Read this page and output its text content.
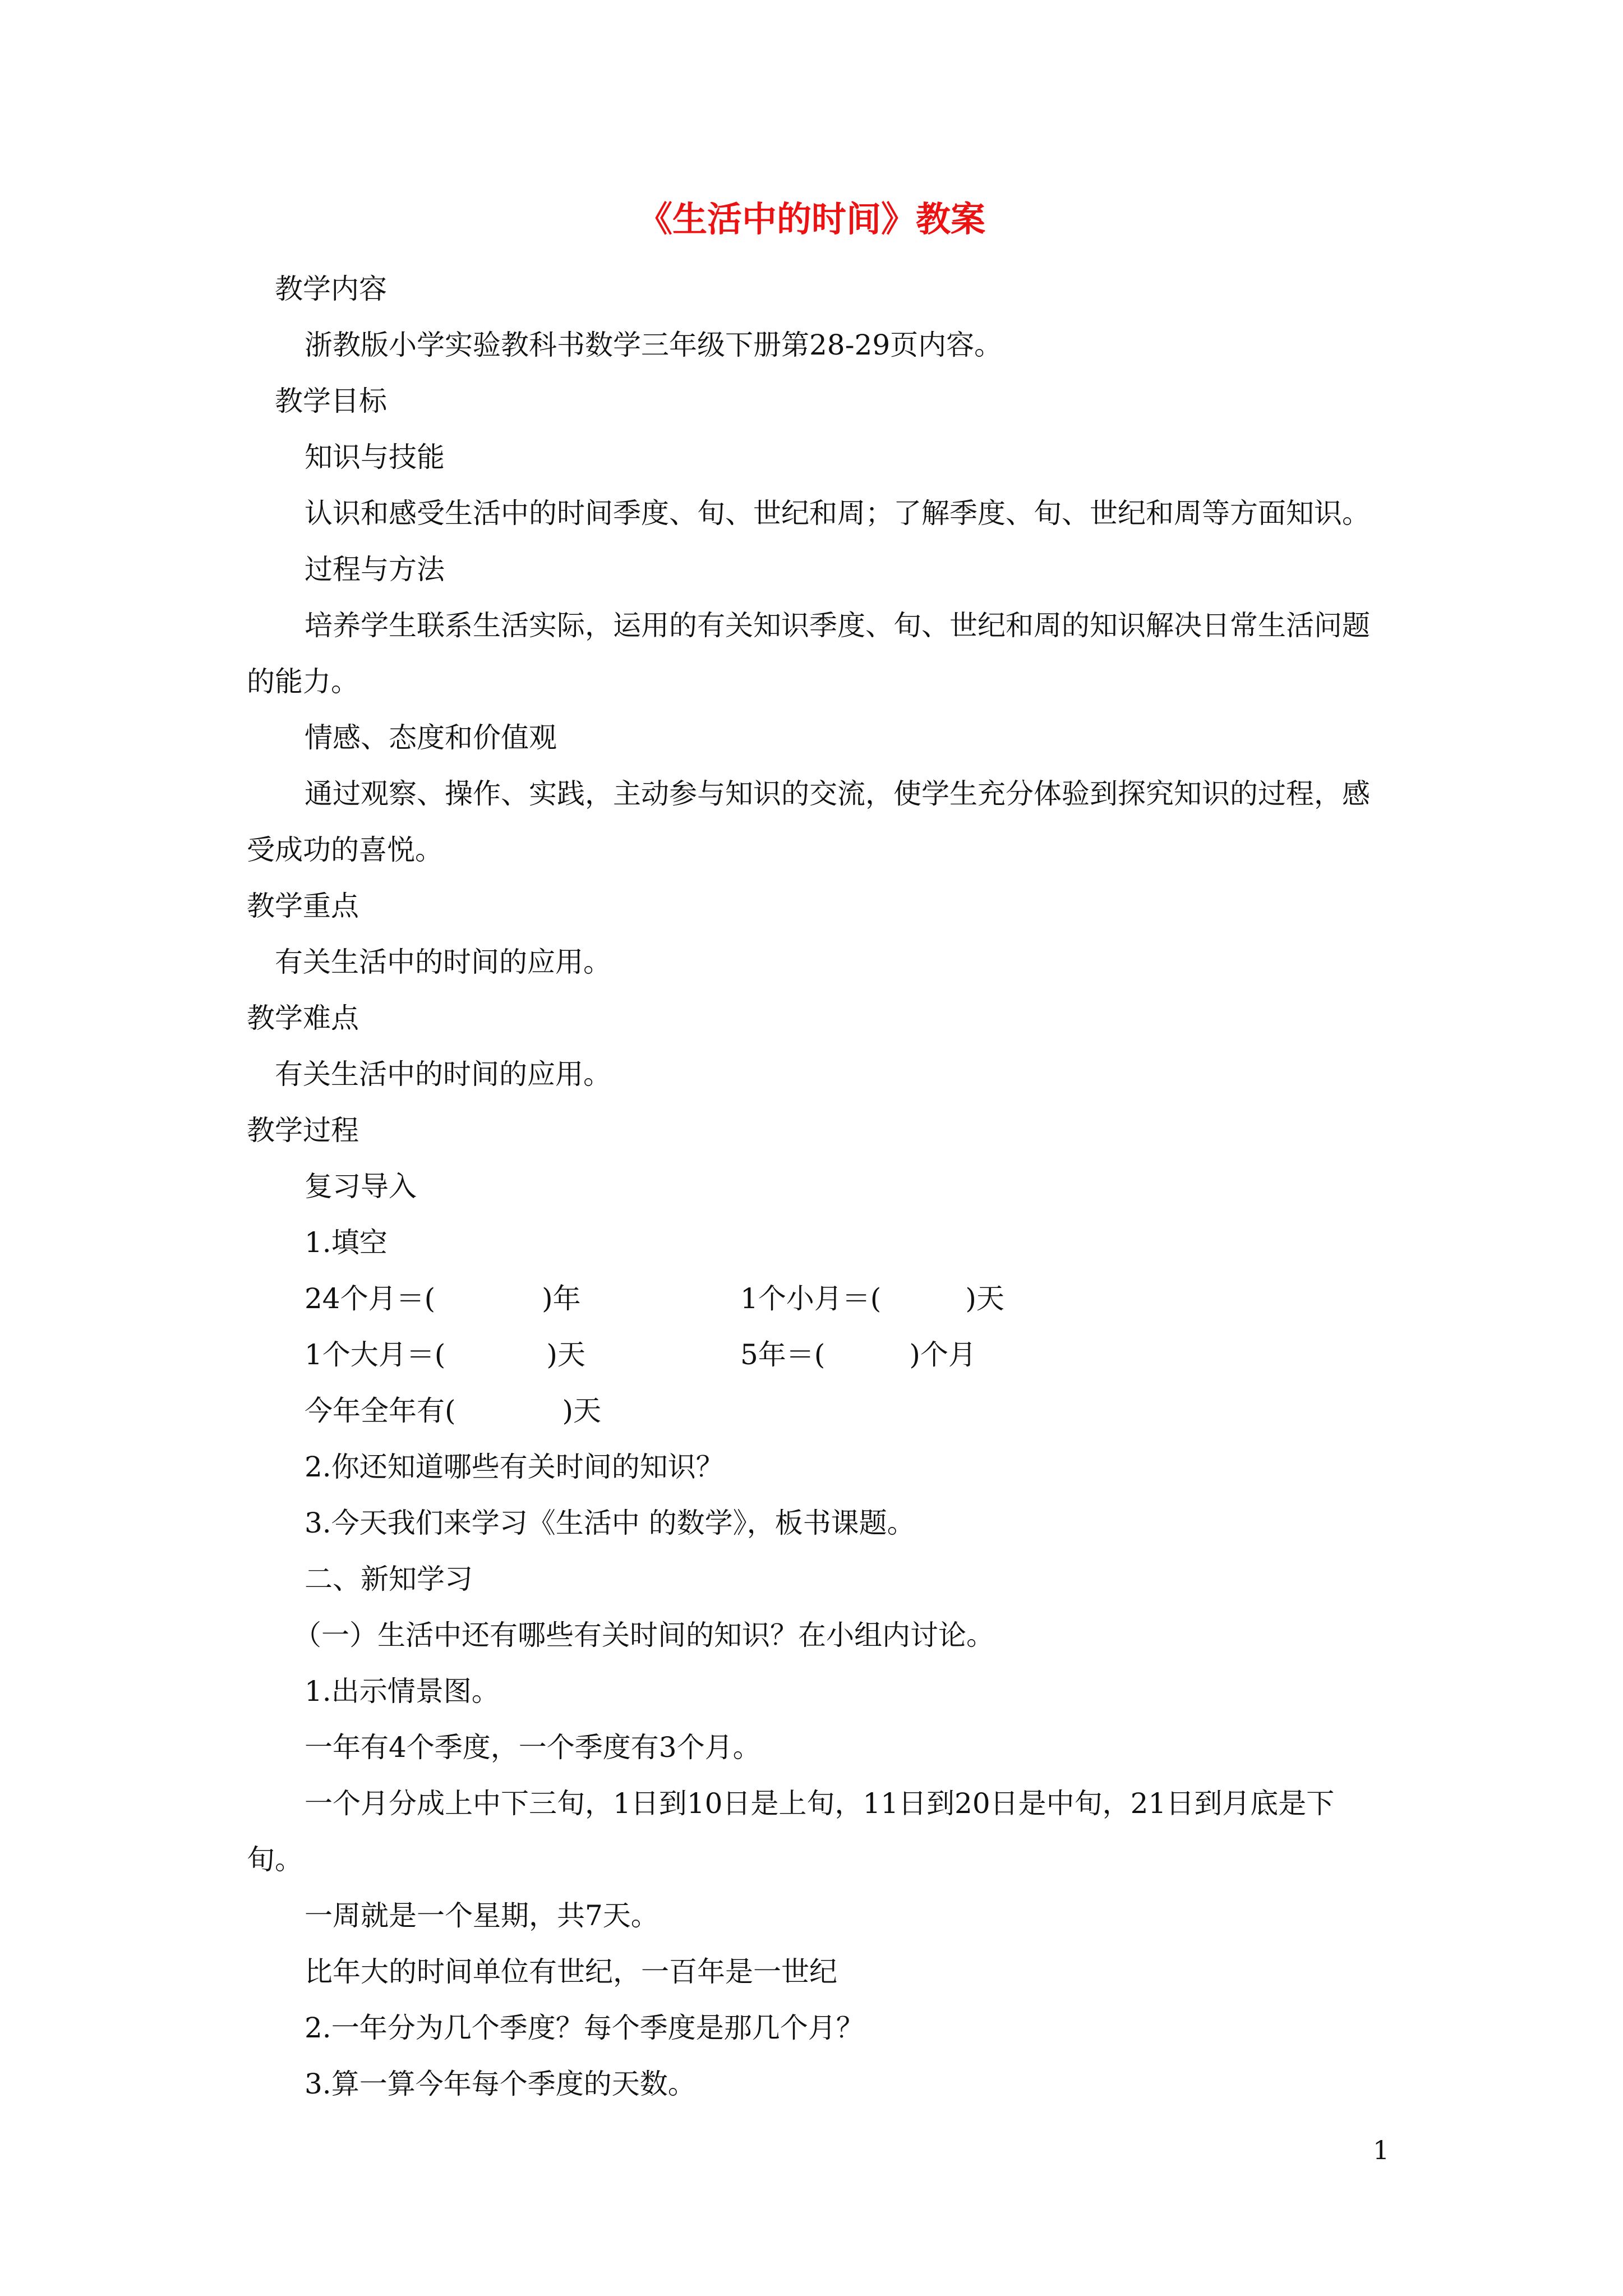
《生活中的时间》教案

教学内容

浙教版小学实验教科书数学三年级下册第28-29页内容。

教学目标

知识与技能

认识和感受生活中的时间季度、旬、世纪和周；了解季度、旬、世纪和周等方面知识。

过程与方法

培养学生联系生活实际，运用的有关知识季度、旬、世纪和周的知识解决日常生活问题

的能力。

情感、态度和价值观

通过观察、操作、实践，主动参与知识的交流，使学生充分体验到探究知识的过程，感

受成功的喜悦。

教学重点

有关生活中的时间的应用。

教学难点

有关生活中的时间的应用。

教学过程

复习导入

1.填空

24个月＝(	)年	1个小月＝(	)天

1个大月＝(	)天	5年＝(	)个月

今年全年有(	)天

2.你还知道哪些有关时间的知识？

3.今天我们来学习《生活中 的数学》，板书课题。

二、新知学习

（一）生活中还有哪些有关时间的知识？在小组内讨论。

1.出示情景图。

一年有4个季度，一个季度有3个月。

一个月分成上中下三旬，1日到10日是上旬，11日到20日是中旬，21日到月底是下

旬。

一周就是一个星期，共7天。

比年大的时间单位有世纪，一百年是一世纪

2.一年分为几个季度？每个季度是那几个月？

3.算一算今年每个季度的天数。

1
